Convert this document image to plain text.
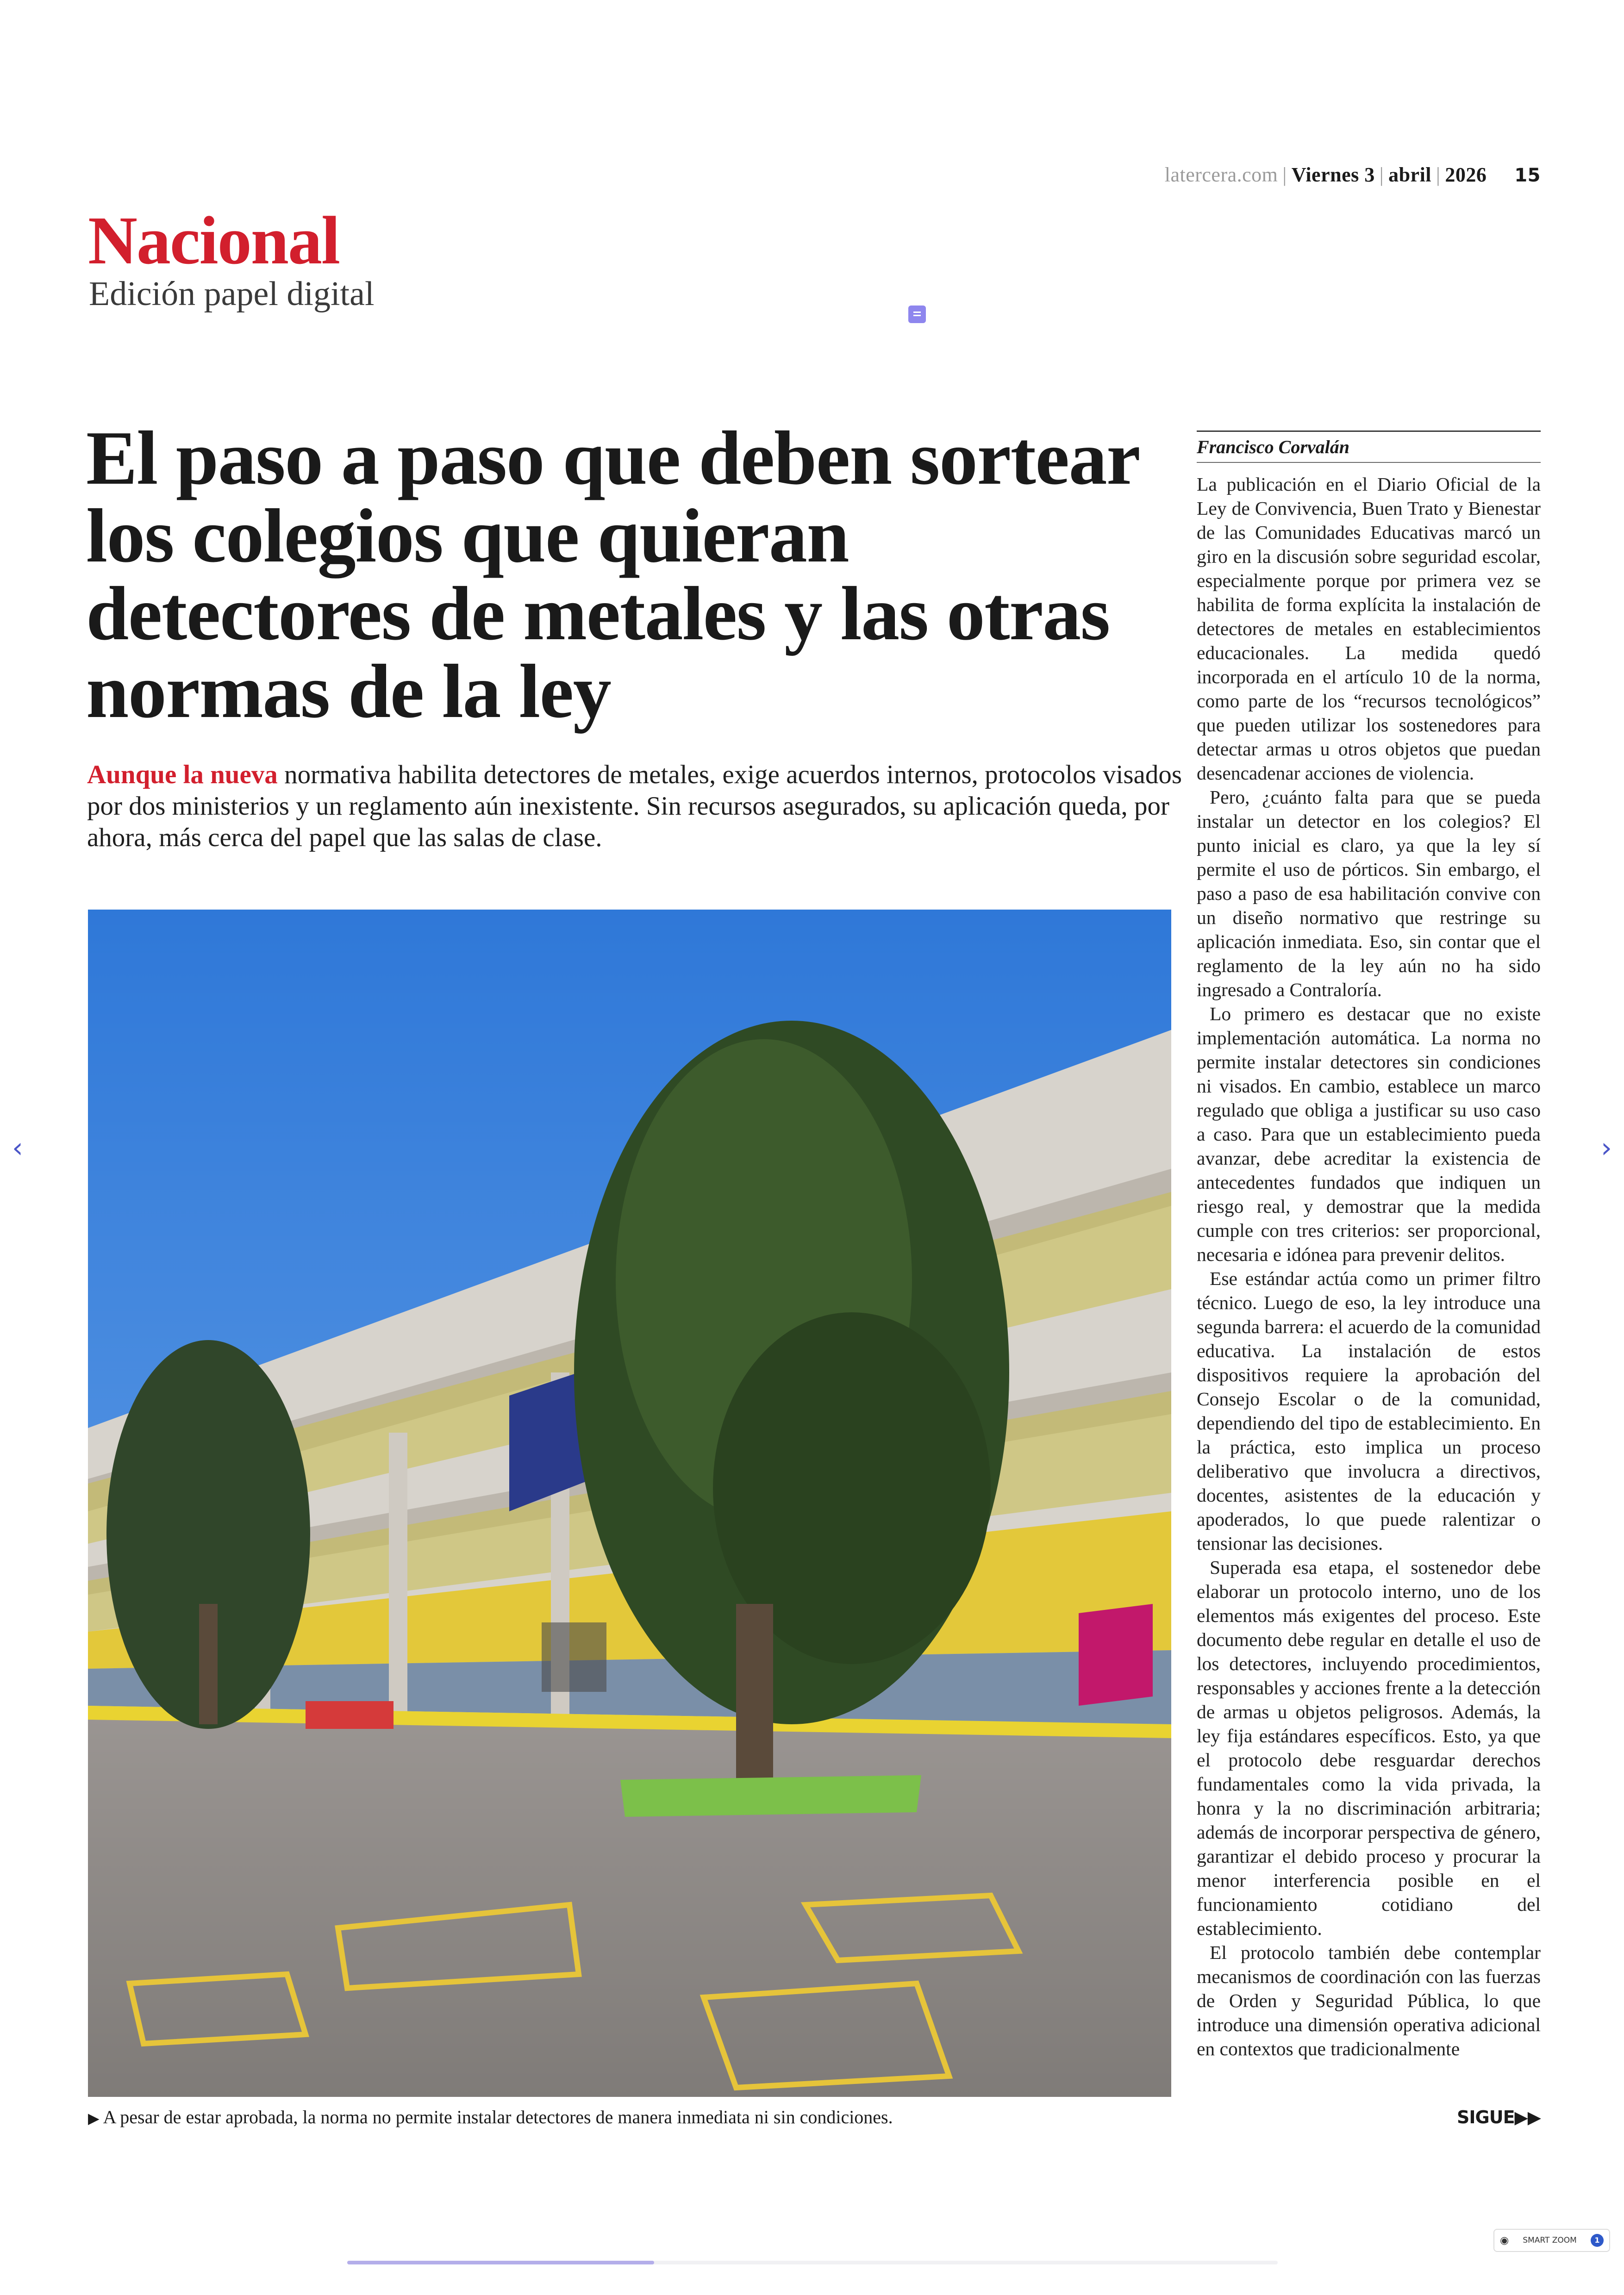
latercera.com | Viernes 3 | abril | 2026 15
Nacional
Edición papel digital
El paso a paso que deben sortear los colegios que quieran detectores de metales y las otras normas de la ley

Aunque la nueva normativa habilita detectores de metales, exige acuerdos internos, protocolos visados por dos ministerios y un reglamento aún inexistente. Sin recursos asegurados, su aplicación queda, por ahora, más cerca del papel que las salas de clase.

▶ A pesar de estar aprobada, la norma no permite instalar detectores de manera inmediata ni sin condiciones.
Francisco Corvalán

La publicación en el Diario Oficial de la Ley de Convivencia, Buen Trato y Bienestar de las Comunidades Educativas marcó un giro en la discusión sobre seguridad escolar, especialmente porque por primera vez se habilita de forma explícita la instalación de detectores de metales en establecimientos educacionales. La medida quedó incorporada en el artículo 10 de la norma, como parte de los “recursos tecnológicos” que pueden utilizar los sostenedores para detectar armas u otros objetos que puedan desencadenar acciones de violencia.

Pero, ¿cuánto falta para que se pueda instalar un detector en los colegios? El punto inicial es claro, ya que la ley sí permite el uso de pórticos. Sin embargo, el paso a paso de esa habilitación convive con un diseño normativo que restringe su aplicación inmediata. Eso, sin contar que el reglamento de la ley aún no ha sido ingresado a Contraloría.

Lo primero es destacar que no existe implementación automática. La norma no permite instalar detectores sin condiciones ni visados. En cambio, establece un marco regulado que obliga a justificar su uso caso a caso. Para que un establecimiento pueda avanzar, debe acreditar la existencia de antecedentes fundados que indiquen un riesgo real, y demostrar que la medida cumple con tres criterios: ser proporcional, necesaria e idónea para prevenir delitos.

Ese estándar actúa como un primer filtro técnico. Luego de eso, la ley introduce una segunda barrera: el acuerdo de la comunidad educativa. La instalación de estos dispositivos requiere la aprobación del Consejo Escolar o de la comunidad, dependiendo del tipo de establecimiento. En la práctica, esto implica un proceso deliberativo que involucra a directivos, docentes, asistentes de la educación y apoderados, lo que puede ralentizar o tensionar las decisiones.

Superada esa etapa, el sostenedor debe elaborar un protocolo interno, uno de los elementos más exigentes del proceso. Este documento debe regular en detalle el uso de los detectores, incluyendo procedimientos, responsables y acciones frente a la detección de armas u objetos peligrosos. Además, la ley fija estándares específicos. Esto, ya que el protocolo debe resguardar derechos fundamentales como la vida privada, la honra y la no discriminación arbitraria; además de incorporar perspectiva de género, garantizar el debido proceso y procurar la menor interferencia posible en el funcionamiento cotidiano del establecimiento.

El protocolo también debe contemplar mecanismos de coordinación con las fuerzas de Orden y Seguridad Pública, lo que introduce una dimensión operativa adicional en contextos que tradicionalmente

SIGUE▶▶
‹	›
◉ SMART ZOOM	1
